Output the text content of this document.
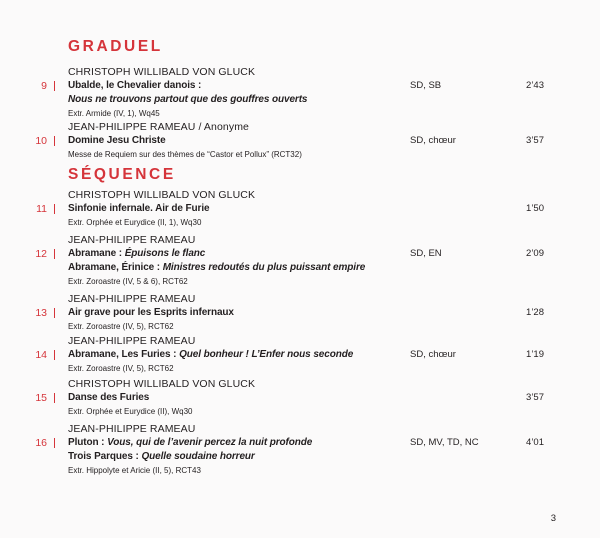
GRADUEL
9
CHRISTOPH WILLIBALD VON GLUCK
Ubalde, le Chevalier danois :
Nous ne trouvons partout que des gouffres ouverts
Extr. Armide (IV, 1), Wq45
SD, SB	2’43
10
JEAN-PHILIPPE RAMEAU / Anonyme
Domine Jesu Christe
Messe de Requiem sur des thèmes de “Castor et Pollux” (RCT32)
SD, chœur	3’57
SÉQUENCE
11
CHRISTOPH WILLIBALD VON GLUCK
Sinfonie infernale. Air de Furie
Extr. Orphée et Eurydice (II, 1), Wq30
1’50
12
JEAN-PHILIPPE RAMEAU
Abramane : Épuisons le flanc
Abramane, Érinice : Ministres redoutés du plus puissant empire
Extr. Zoroastre (IV, 5 & 6), RCT62
SD, EN	2’09
13
JEAN-PHILIPPE RAMEAU
Air grave pour les Esprits infernaux
Extr. Zoroastre (IV, 5), RCT62
1’28
14
JEAN-PHILIPPE RAMEAU
Abramane, Les Furies : Quel bonheur ! L’Enfer nous seconde
Extr. Zoroastre (IV, 5), RCT62
SD, chœur	1’19
15
CHRISTOPH WILLIBALD VON GLUCK
Danse des Furies
Extr. Orphée et Eurydice (II), Wq30
3’57
16
JEAN-PHILIPPE RAMEAU
Pluton : Vous, qui de l’avenir percez la nuit profonde
Trois Parques : Quelle soudaine horreur
Extr. Hippolyte et Aricie (II, 5), RCT43
SD, MV, TD, NC	4’01
3
